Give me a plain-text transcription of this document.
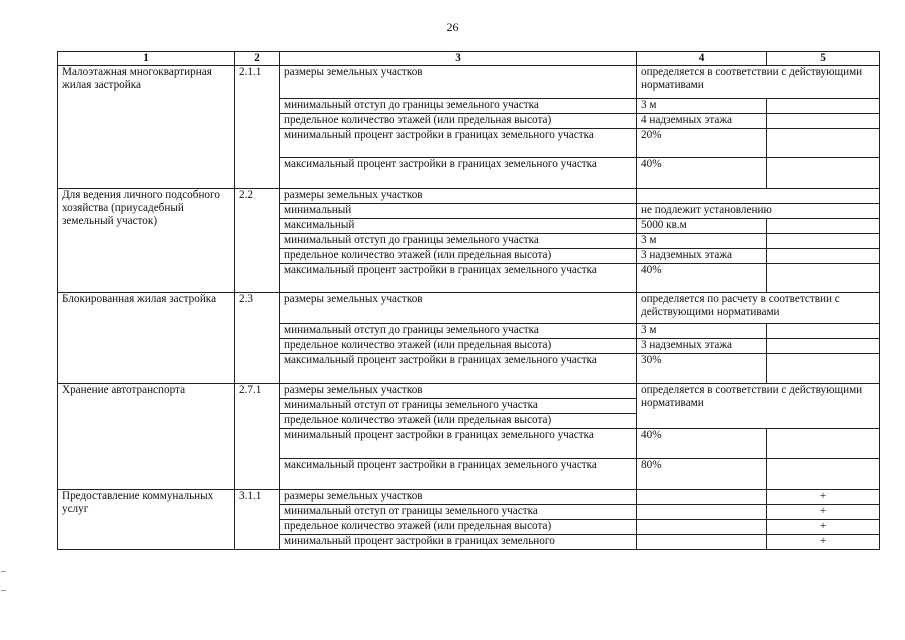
26
1	2	3	4	5
Малоэтажная многоквартирная жилая застройка	2.1.1	размеры земельных участков	определяется в соответствии с действующими нормативами	
		минимальный отступ до границы земельного участка	3 м	
		предельное количество этажей (или предельная высота)	4 надземных этажа	
		минимальный процент застройки в границах земельного участка	20%	
		максимальный процент застройки в границах земельного участка	40%	
Для ведения личного подсобного хозяйства (приусадебный земельный участок)	2.2	размеры земельных участков		
		минимальный	не подлежит установлению	
		максимальный	5000 кв.м	
		минимальный отступ до границы земельного участка	3 м	
		предельное количество этажей (или предельная высота)	3 надземных этажа	
		максимальный процент застройки в границах земельного участка	40%	
Блокированная жилая застройка	2.3	размеры земельных участков	определяется по расчету в соответствии с действующими нормативами	
		минимальный отступ до границы земельного участка	3 м	
		предельное количество этажей (или предельная высота)	3 надземных этажа	
		максимальный процент застройки в границах земельного участка	30%	
Хранение автотранспорта	2.7.1	размеры земельных участков	определяется в соответствии с действующими нормативами	
		минимальный отступ от границы земельного участка		
		предельное количество этажей (или предельная высота)		
		минимальный процент застройки в границах земельного участка	40%	
		максимальный процент застройки в границах земельного участка	80%	
Предоставление коммунальных услуг	3.1.1	размеры земельных участков		+
		минимальный отступ от границы земельного участка		+
		предельное количество этажей (или предельная высота)		+
		минимальный процент застройки в границах земельного		+
